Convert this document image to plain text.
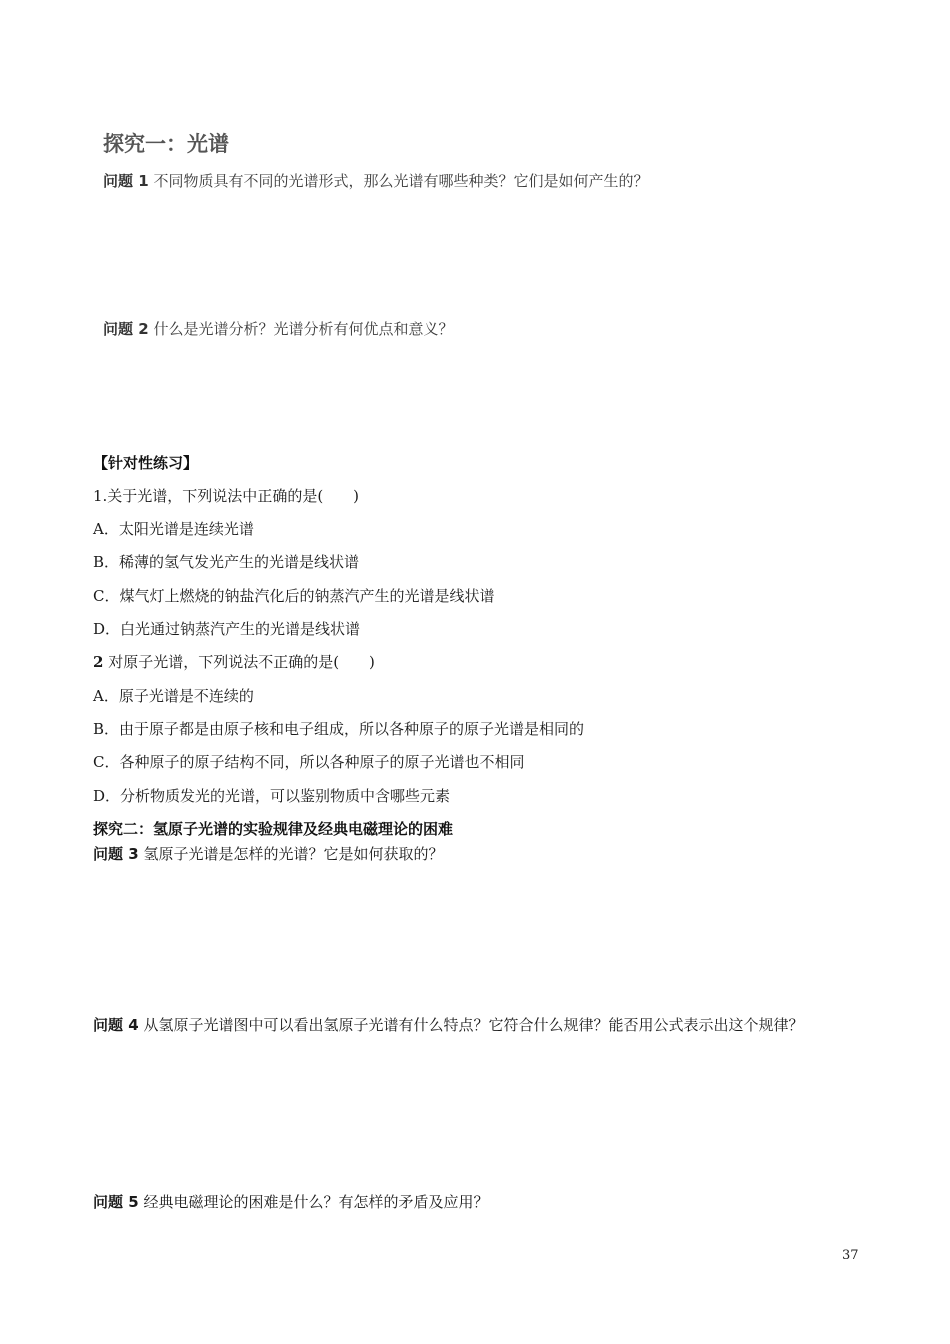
探究一：光谱
问题 1 不同物质具有不同的光谱形式，那么光谱有哪些种类？它们是如何产生的？
问题 2 什么是光谱分析？光谱分析有何优点和意义？
【针对性练习】
1.关于光谱，下列说法中正确的是(　　)
A．太阳光谱是连续光谱
B．稀薄的氢气发光产生的光谱是线状谱
C．煤气灯上燃烧的钠盐汽化后的钠蒸汽产生的光谱是线状谱
D．白光通过钠蒸汽产生的光谱是线状谱
2 对原子光谱，下列说法不正确的是(　　)
A．原子光谱是不连续的
B．由于原子都是由原子核和电子组成，所以各种原子的原子光谱是相同的
C．各种原子的原子结构不同，所以各种原子的原子光谱也不相同
D．分析物质发光的光谱，可以鉴别物质中含哪些元素
探究二：氢原子光谱的实验规律及经典电磁理论的困难
问题 3 氢原子光谱是怎样的光谱？它是如何获取的？
问题 4 从氢原子光谱图中可以看出氢原子光谱有什么特点？它符合什么规律？能否用公式表示出这个规律？
问题 5 经典电磁理论的困难是什么？有怎样的矛盾及应用？
37
